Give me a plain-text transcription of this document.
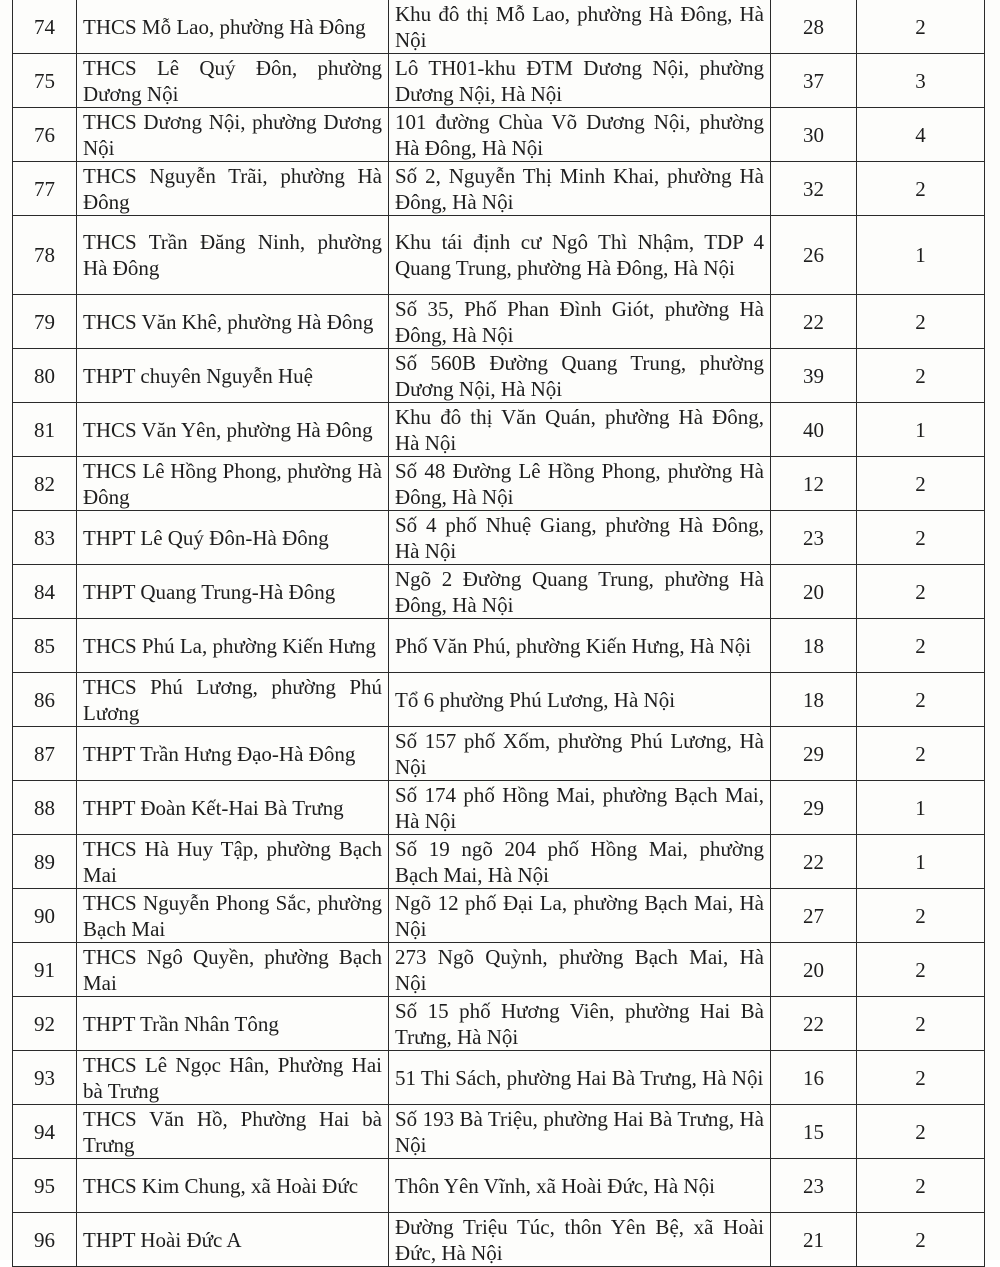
74	THCS Mỗ Lao, phường Hà Đông	Khu đô thị Mỗ Lao, phường Hà Đông, Hà Nội	28	2
75	THCS Lê Quý Đôn, phường Dương Nội	Lô TH01-khu ĐTM Dương Nội, phường Dương Nội, Hà Nội	37	3
76	THCS Dương Nội, phường Dương Nội	101 đường Chùa Võ Dương Nội, phường Hà Đông, Hà Nội	30	4
77	THCS Nguyễn Trãi, phường Hà Đông	Số 2, Nguyễn Thị Minh Khai, phường Hà Đông, Hà Nội	32	2
78	THCS Trần Đăng Ninh, phường Hà Đông	Khu tái định cư Ngô Thì Nhậm, TDP 4 Quang Trung, phường Hà Đông, Hà Nội	26	1
79	THCS Văn Khê, phường Hà Đông	Số 35, Phố Phan Đình Giót, phường Hà Đông, Hà Nội	22	2
80	THPT chuyên Nguyễn Huệ	Số 560B Đường Quang Trung, phường Dương Nội, Hà Nội	39	2
81	THCS Văn Yên, phường Hà Đông	Khu đô thị Văn Quán, phường Hà Đông, Hà Nội	40	1
82	THCS Lê Hồng Phong, phường Hà Đông	Số 48 Đường Lê Hồng Phong, phường Hà Đông, Hà Nội	12	2
83	THPT Lê Quý Đôn-Hà Đông	Số 4 phố Nhuệ Giang, phường Hà Đông, Hà Nội	23	2
84	THPT Quang Trung-Hà Đông	Ngõ 2 Đường Quang Trung, phường Hà Đông, Hà Nội	20	2
85	THCS Phú La, phường Kiến Hưng	Phố Văn Phú, phường Kiến Hưng, Hà Nội	18	2
86	THCS Phú Lương, phường Phú Lương	Tổ 6 phường Phú Lương, Hà Nội	18	2
87	THPT Trần Hưng Đạo-Hà Đông	Số 157 phố Xốm, phường Phú Lương, Hà Nội	29	2
88	THPT Đoàn Kết-Hai Bà Trưng	Số 174 phố Hồng Mai, phường Bạch Mai, Hà Nội	29	1
89	THCS Hà Huy Tập, phường Bạch Mai	Số 19 ngõ 204 phố Hồng Mai, phường Bạch Mai, Hà Nội	22	1
90	THCS Nguyễn Phong Sắc, phường Bạch Mai	Ngõ 12 phố Đại La, phường Bạch Mai, Hà Nội	27	2
91	THCS Ngô Quyền, phường Bạch Mai	273 Ngõ Quỳnh, phường Bạch Mai, Hà Nội	20	2
92	THPT Trần Nhân Tông	Số 15 phố Hương Viên, phường Hai Bà Trưng, Hà Nội	22	2
93	THCS Lê Ngọc Hân, Phường Hai bà Trưng	51 Thi Sách, phường Hai Bà Trưng, Hà Nội	16	2
94	THCS Văn Hồ, Phường Hai bà Trưng	Số 193 Bà Triệu, phường Hai Bà Trưng, Hà Nội	15	2
95	THCS Kim Chung, xã Hoài Đức	Thôn Yên Vĩnh, xã Hoài Đức, Hà Nội	23	2
96	THPT Hoài Đức A	Đường Triệu Túc, thôn Yên Bệ, xã Hoài Đức, Hà Nội	21	2
